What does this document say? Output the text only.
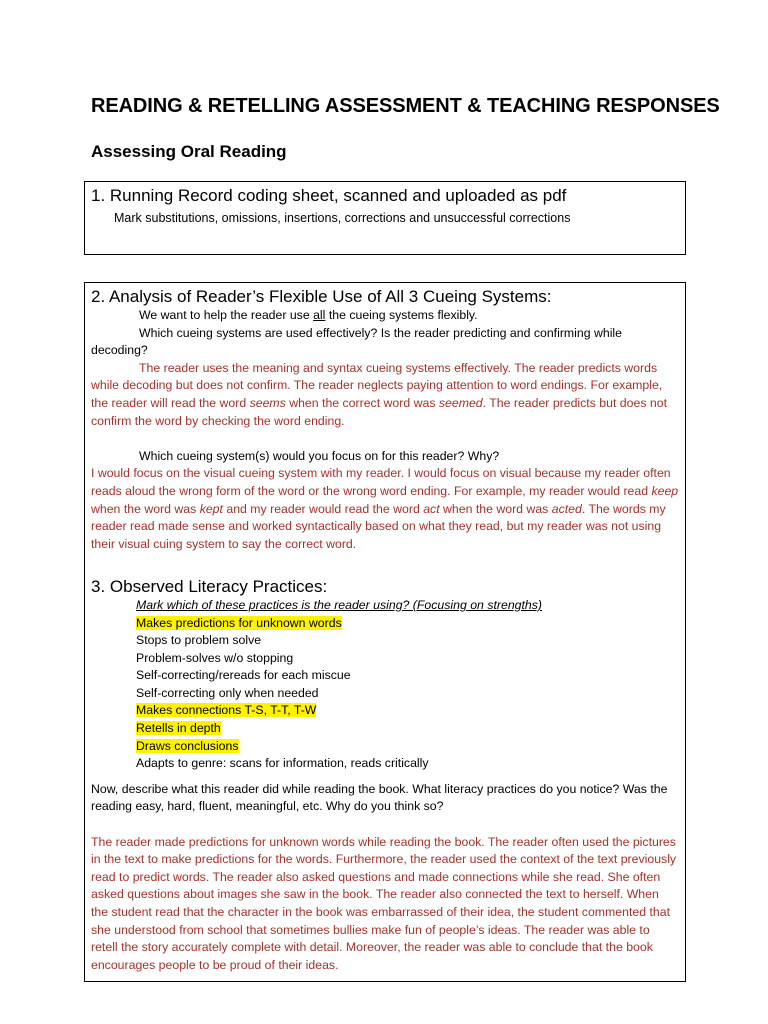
READING & RETELLING ASSESSMENT & TEACHING RESPONSES
Assessing Oral Reading

1. Running Record coding sheet, scanned and uploaded as pdf

Mark substitutions, omissions, insertions, corrections and unsuccessful corrections

2. Analysis of Reader’s Flexible Use of All 3 Cueing Systems:

We want to help the reader use all the cueing systems flexibly.

Which cueing systems are used effectively? Is the reader predicting and confirming while decoding?

The reader uses the meaning and syntax cueing systems effectively. The reader predicts words while decoding but does not confirm. The reader neglects paying attention to word endings. For example, the reader will read the word seems when the correct word was seemed. The reader predicts but does not confirm the word by checking the word ending.

Which cueing system(s) would you focus on for this reader? Why?

I would focus on the visual cueing system with my reader. I would focus on visual because my reader often reads aloud the wrong form of the word or the wrong word ending. For example, my reader would read keep when the word was kept and my reader would read the word act when the word was acted. The words my reader read made sense and worked syntactically based on what they read, but my reader was not using their visual cuing system to say the correct word.

3. Observed Literacy Practices:

Mark which of these practices is the reader using? (Focusing on strengths)
Makes predictions for unknown words
Stops to problem solve
Problem-solves w/o stopping
Self-correcting/rereads for each miscue
Self-correcting only when needed
Makes connections T-S, T-T, T-W
Retells in depth
Draws conclusions
Adapts to genre: scans for information, reads critically

Now, describe what this reader did while reading the book. What literacy practices do you notice? Was the reading easy, hard, fluent, meaningful, etc. Why do you think so?

The reader made predictions for unknown words while reading the book. The reader often used the pictures in the text to make predictions for the words. Furthermore, the reader used the context of the text previously read to predict words. The reader also asked questions and made connections while she read. She often asked questions about images she saw in the book. The reader also connected the text to herself. When the student read that the character in the book was embarrassed of their idea, the student commented that she understood from school that sometimes bullies make fun of people’s ideas. The reader was able to retell the story accurately complete with detail. Moreover, the reader was able to conclude that the book encourages people to be proud of their ideas.
